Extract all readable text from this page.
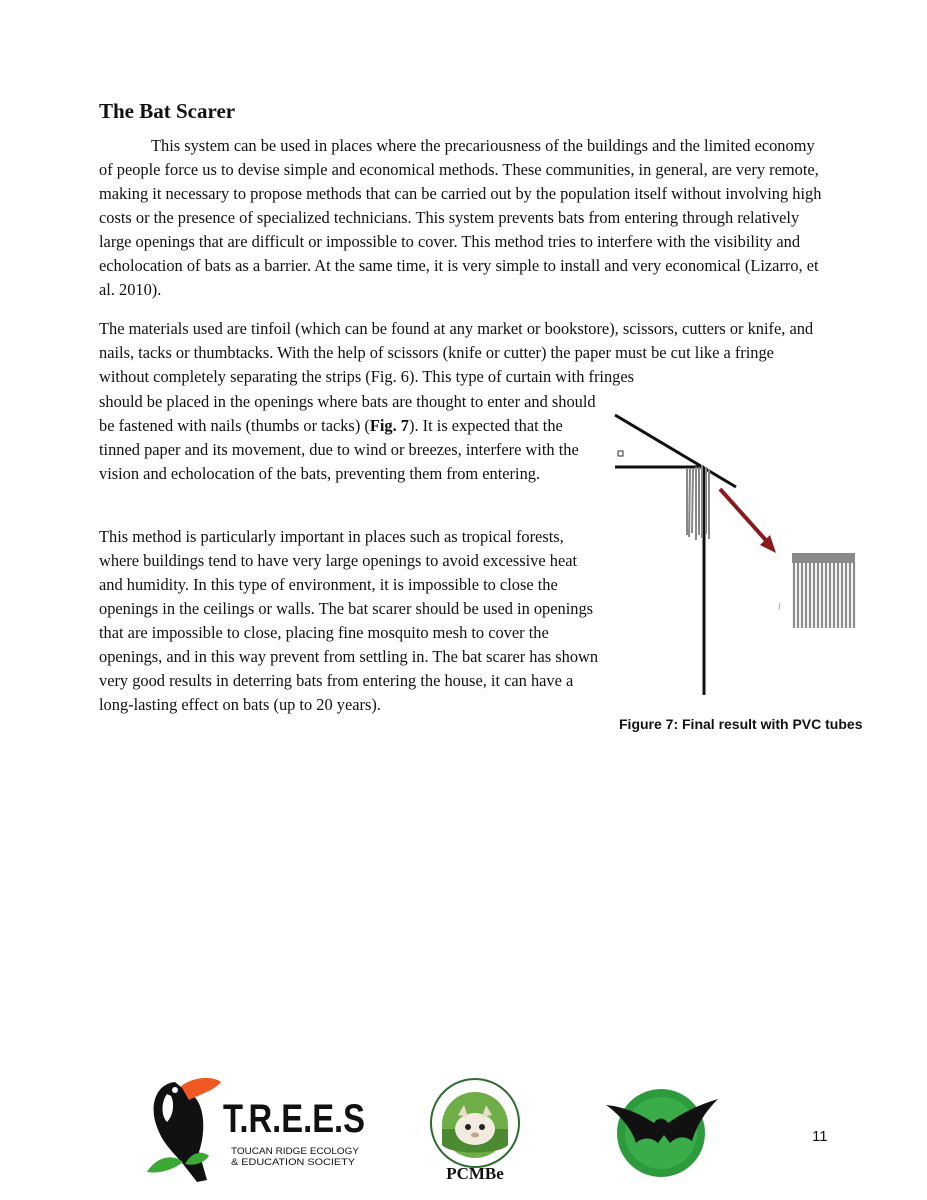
The Bat Scarer

This system can be used in places where the precariousness of the buildings and the limited economy of people force us to devise simple and economical methods. These communities, in general, are very remote, making it necessary to propose methods that can be carried out by the population itself without involving high costs or the presence of specialized technicians. This system prevents bats from entering through relatively large openings that are difficult or impossible to cover. This method tries to interfere with the visibility and echolocation of bats as a barrier. At the same time, it is very simple to install and very economical (Lizarro, et al. 2010).

The materials used are tinfoil (which can be found at any market or bookstore), scissors, cutters or knife, and nails, tacks or thumbtacks. With the help of scissors (knife or cutter) the paper must be cut like a fringe without completely separating the strips (Fig. 6). This type of curtain with fringes

should be placed in the openings where bats are thought to enter and should be fastened with nails (thumbs or tacks) (Fig. 7). It is expected that the tinned paper and its movement, due to wind or breezes, interfere with the vision and echolocation of the bats, preventing them from entering.

This method is particularly important in places such as tropical forests, where buildings tend to have very large openings to avoid excessive heat and humidity. In this type of environment, it is impossible to close the openings in the ceilings or walls. The bat scarer should be used in openings that are impossible to close, placing fine mosquito mesh to cover the openings, and in this way prevent from settling in. The bat scarer has shown very good results in deterring bats from entering the house, it can have a long-lasting effect on bats (up to 20 years).

Figure 7: Final result with PVC tubes

T.R.E.E.S
TOUCAN RIDGE ECOLOGY
& EDUCATION SOCIETY
PCMBe
11
